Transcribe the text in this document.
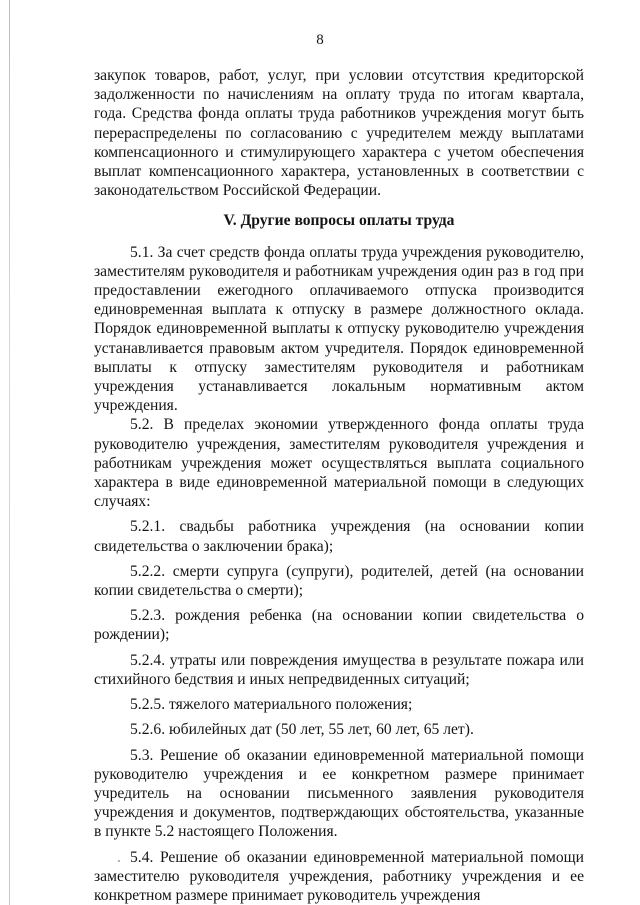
8

закупок товаров, работ, услуг, при условии отсутствия кредиторской задолженности по начислениям на оплату труда по итогам квартала, года. Средства фонда оплаты труда работников учреждения могут быть перераспределены по согласованию с учредителем между выплатами компенсационного и стимулирующего характера с учетом обеспечения выплат компенсационного характера, установленных в соответствии с законодательством Российской Федерации.

V. Другие вопросы оплаты труда

5.1. За счет средств фонда оплаты труда учреждения руководителю, заместителям руководителя и работникам учреждения один раз в год при предоставлении ежегодного оплачиваемого отпуска производится единовременная выплата к отпуску в размере должностного оклада. Порядок единовременной выплаты к отпуску руководителю учреждения устанавливается правовым актом учредителя. Порядок единовременной выплаты к отпуску заместителям руководителя и работникам учреждения устанавливается локальным нормативным актом учреждения.

5.2. В пределах экономии утвержденного фонда оплаты труда руководителю учреждения, заместителям руководителя учреждения и работникам учреждения может осуществляться выплата социального характера в виде единовременной материальной помощи в следующих случаях:

5.2.1. свадьбы работника учреждения (на основании копии свидетельства о заключении брака);

5.2.2. смерти супруга (супруги), родителей, детей (на основании копии свидетельства о смерти);

5.2.3. рождения ребенка (на основании копии свидетельства о рождении);

5.2.4. утраты или повреждения имущества в результате пожара или стихийного бедствия и иных непредвиденных ситуаций;

5.2.5. тяжелого материального положения;

5.2.6. юбилейных дат (50 лет, 55 лет, 60 лет, 65 лет).

5.3. Решение об оказании единовременной материальной помощи руководителю учреждения и ее конкретном размере принимает учредитель на основании письменного заявления руководителя учреждения и документов, подтверждающих обстоятельства, указанные в пункте 5.2 настоящего Положения.

5.4. Решение об оказании единовременной материальной помощи заместителю руководителя учреждения, работнику учреждения и ее конкретном размере принимает руководитель учреждения
